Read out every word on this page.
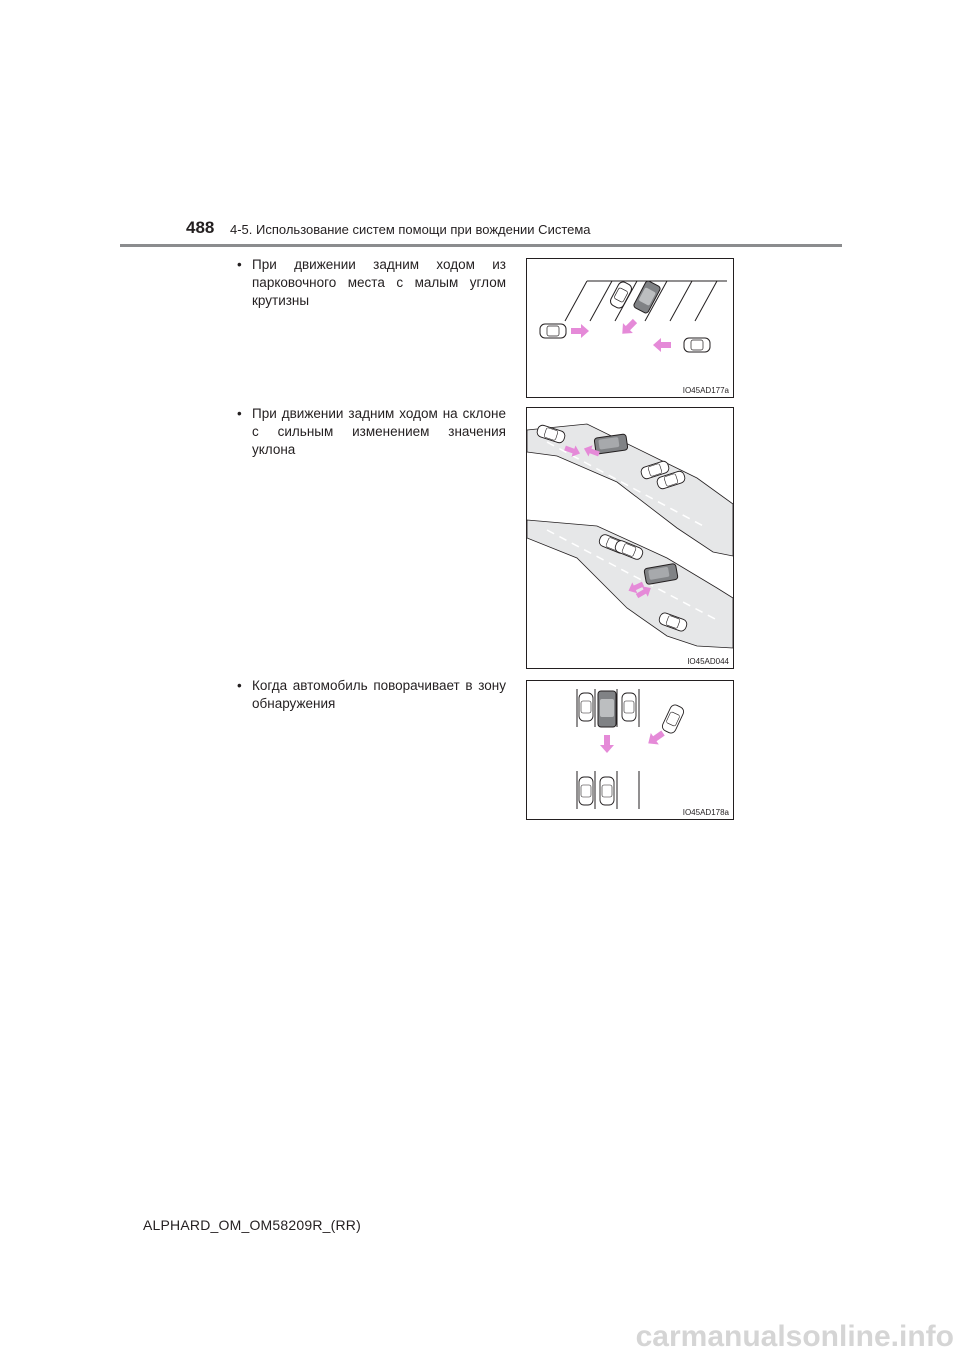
488 4-5. Использование систем помощи при вождении Система
• При движении задним ходом из парковочного места с малым углом крутизны
IO45AD177a
• При движении задним ходом на склоне с сильным изменением значения уклона
IO45AD044
• Когда автомобиль поворачивает в зону обнаружения
IO45AD178a
ALPHARD_OM_OM58209R_(RR)
carmanualsonline.info
